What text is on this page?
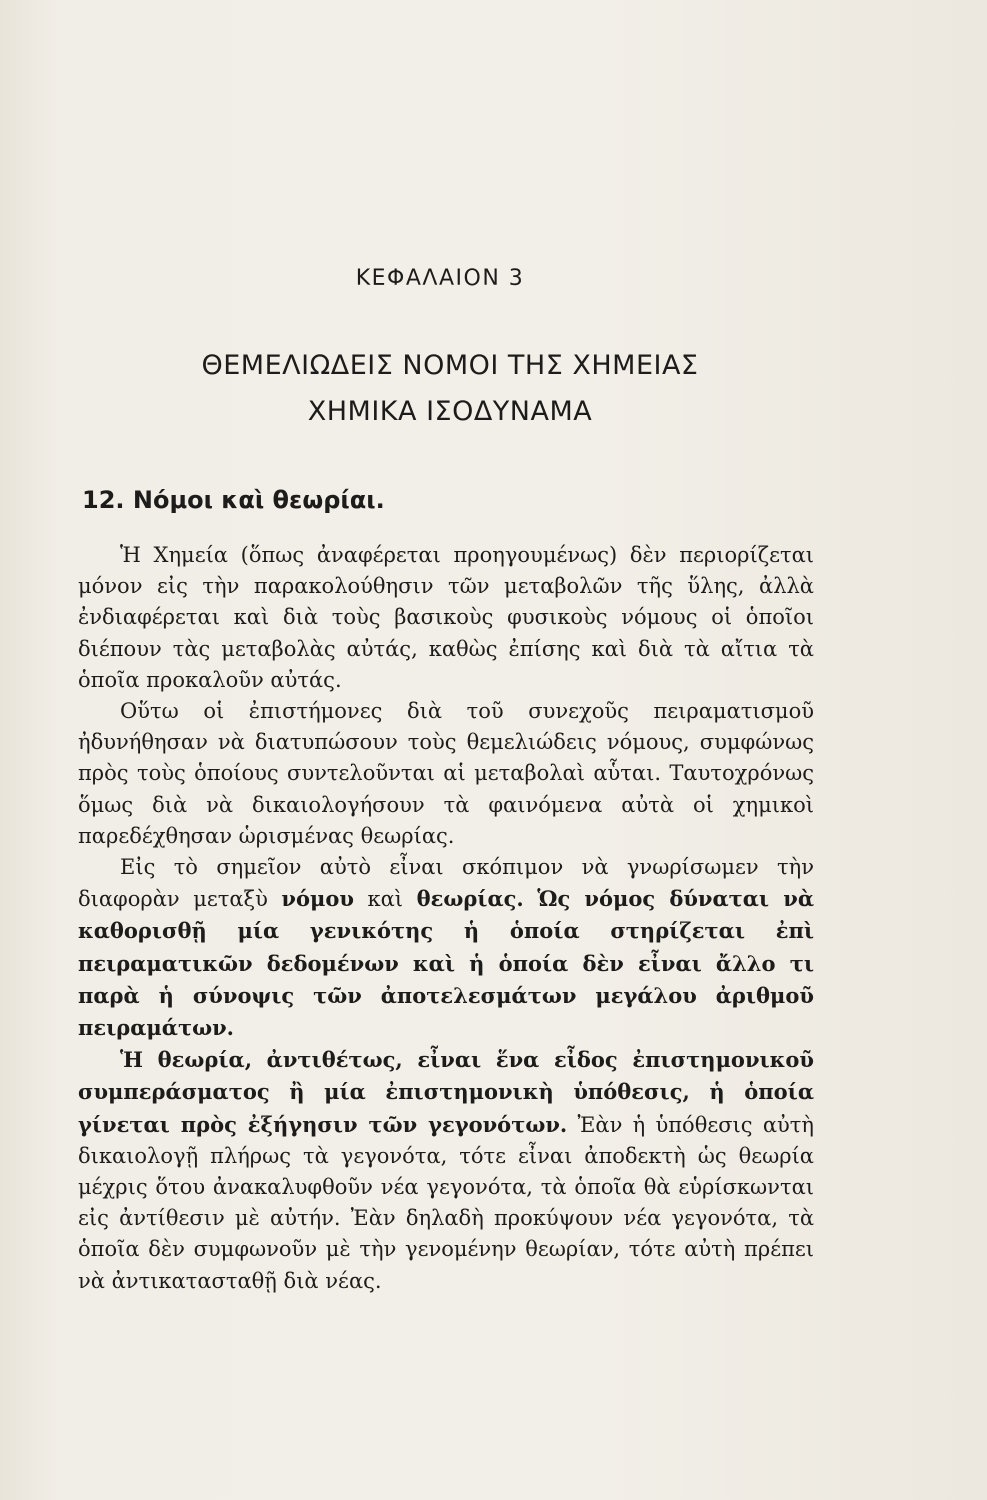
ΚΕΦΑΛΑΙΟΝ 3
ΘΕΜΕΛΙΩΔΕΙΣ ΝΟΜΟΙ ΤΗΣ ΧΗΜΕΙΑΣ
ΧΗΜΙΚΑ ΙΣΟΔΥΝΑΜΑ
12. Νόμοι καὶ θεωρίαι.

Ἡ Χημεία (ὅπως ἀναφέρεται προηγουμένως) δὲν περιορίζεται μόνον εἰς τὴν παρακολούθησιν τῶν μεταβολῶν τῆς ὕλης, ἀλλὰ ἐνδιαφέρεται καὶ διὰ τοὺς βασικοὺς φυσικοὺς νόμους οἱ ὁποῖοι διέπουν τὰς μεταβολὰς αὐτάς, καθὼς ἐπίσης καὶ διὰ τὰ αἴτια τὰ ὁποῖα προκαλοῦν αὐτάς.

Οὕτω οἱ ἐπιστήμονες διὰ τοῦ συνεχοῦς πειραματισμοῦ ἠδυνήθησαν νὰ διατυπώσουν τοὺς θεμελιώδεις νόμους, συμφώνως πρὸς τοὺς ὁποίους συντελοῦνται αἱ μεταβολαὶ αὗται. Ταυτοχρόνως ὅμως διὰ νὰ δικαιολογήσουν τὰ φαινόμενα αὐτὰ οἱ χημικοὶ παρεδέχθησαν ὡρισμένας θεωρίας.

Εἰς τὸ σημεῖον αὐτὸ εἶναι σκόπιμον νὰ γνωρίσωμεν τὴν διαφορὰν μεταξὺ νόμου καὶ θεωρίας. Ὡς νόμος δύναται νὰ καθορισθῇ μία γενικότης ἡ ὁποία στηρίζεται ἐπὶ πειραματικῶν δεδομένων καὶ ἡ ὁποία δὲν εἶναι ἄλλο τι παρὰ ἡ σύνοψις τῶν ἀποτελεσμάτων μεγάλου ἀριθμοῦ πειραμάτων.

Ἡ θεωρία, ἀντιθέτως, εἶναι ἕνα εἶδος ἐπιστημονικοῦ συμπεράσματος ἢ μία ἐπιστημονικὴ ὑπόθεσις, ἡ ὁποία γίνεται πρὸς ἐξήγησιν τῶν γεγονότων. Ἐὰν ἡ ὑπόθεσις αὐτὴ δικαιολογῇ πλήρως τὰ γεγονότα, τότε εἶναι ἀποδεκτὴ ὡς θεωρία μέχρις ὅτου ἀνακαλυφθοῦν νέα γεγονότα, τὰ ὁποῖα θὰ εὑρίσκωνται εἰς ἀντίθεσιν μὲ αὐτήν. Ἐὰν δηλαδὴ προκύψουν νέα γεγονότα, τὰ ὁποῖα δὲν συμφωνοῦν μὲ τὴν γενομένην θεωρίαν, τότε αὐτὴ πρέπει νὰ ἀντικατασταθῇ διὰ νέας.
